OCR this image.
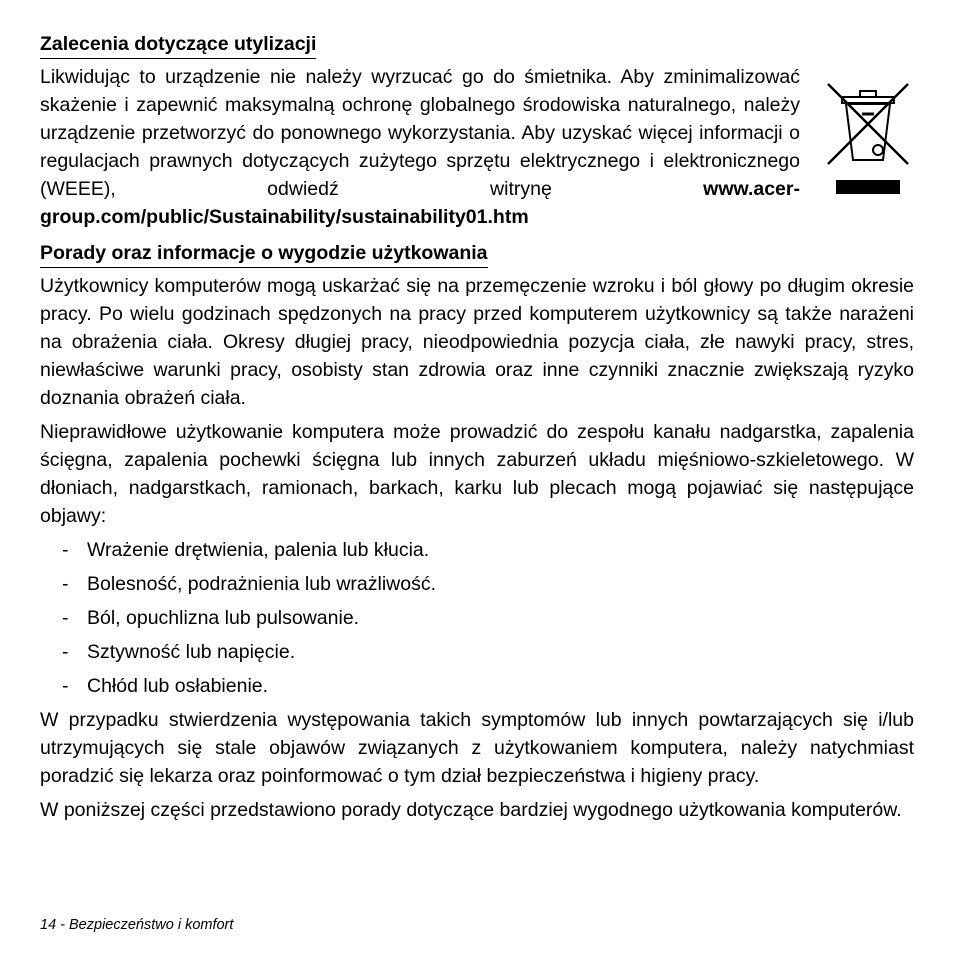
Zalecenia dotyczące utylizacji

Likwidując to urządzenie nie należy wyrzucać go do śmietnika. Aby zminimalizować skażenie i zapewnić maksymalną ochronę globalnego środowiska naturalnego, należy urządzenie przetworzyć do ponownego wykorzystania. Aby uzyskać więcej informacji o regulacjach prawnych dotyczących zużytego sprzętu elektrycznego i elektronicznego (WEEE), odwiedź witrynę www.acer-group.com/public/Sustainability/sustainability01.htm

Porady oraz informacje o wygodzie użytkowania

Użytkownicy komputerów mogą uskarżać się na przemęczenie wzroku i ból głowy po długim okresie pracy. Po wielu godzinach spędzonych na pracy przed komputerem użytkownicy są także narażeni na obrażenia ciała. Okresy długiej pracy, nieodpowiednia pozycja ciała, złe nawyki pracy, stres, niewłaściwe warunki pracy, osobisty stan zdrowia oraz inne czynniki znacznie zwiększają ryzyko doznania obrażeń ciała.

Nieprawidłowe użytkowanie komputera może prowadzić do zespołu kanału nadgarstka, zapalenia ścięgna, zapalenia pochewki ścięgna lub innych zaburzeń układu mięśniowo-szkieletowego. W dłoniach, nadgarstkach, ramionach, barkach, karku lub plecach mogą pojawiać się następujące objawy:

- Wrażenie drętwienia, palenia lub kłucia.
- Bolesność, podrażnienia lub wrażliwość.
- Ból, opuchlizna lub pulsowanie.
- Sztywność lub napięcie.
- Chłód lub osłabienie.

W przypadku stwierdzenia występowania takich symptomów lub innych powtarzających się i/lub utrzymujących się stale objawów związanych z użytkowaniem komputera, należy natychmiast poradzić się lekarza oraz poinformować o tym dział bezpieczeństwa i higieny pracy.

W poniższej części przedstawiono porady dotyczące bardziej wygodnego użytkowania komputerów.

14 - Bezpieczeństwo i komfort
